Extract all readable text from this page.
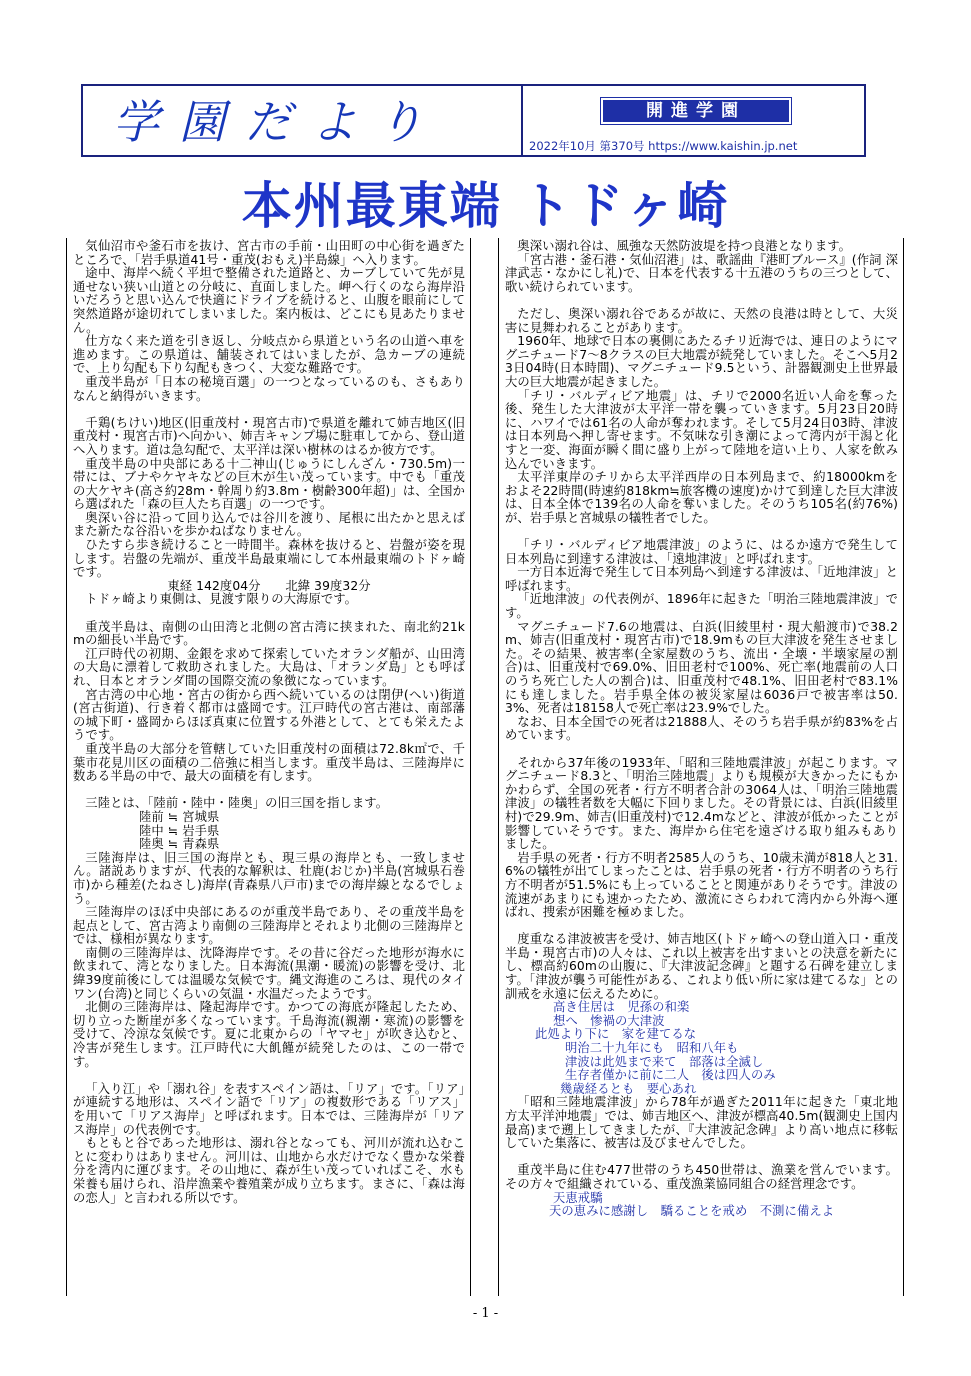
学園だより	開進学園
2022年10月 第370号 https://www.kaishin.jp.net
本州最東端 トドヶ崎

気仙沼市や釜石市を抜け、宮古市の手前・山田町の中心街を過ぎたところで、「岩手県道41号・重茂(おもえ)半島線」へ入ります。

途中、海岸へ続く平坦で整備された道路と、カーブしていて先が見通せない狭い山道との分岐に、直面しました。岬へ行くのなら海岸沿いだろうと思い込んで快適にドライブを続けると、山腹を眼前にして突然道路が途切れてしまいました。案内板は、どこにも見あたりません。

仕方なく来た道を引き返し、分岐点から県道という名の山道へ車を進めます。この県道は、舗装されてはいましたが、急カーブの連続で、上り勾配も下り勾配もきつく、大変な難路です。

重茂半島が「日本の秘境百選」の一つとなっているのも、さもありなんと納得がいきます。

千鶏(ちけい)地区(旧重茂村・現宮古市)で県道を離れて姉吉地区(旧重茂村・現宮古市)へ向かい、姉吉キャンプ場に駐車してから、登山道へ入ります。道は急勾配で、太平洋は深い樹林のはるか彼方です。

重茂半島の中央部にある十二神山(じゅうにしんざん・730.5m)一帯には、ブナやケヤキなどの巨木が生い茂っています。中でも「重茂の大ケヤキ(高さ約28m・幹周り約3.8m・樹齢300年超)」は、全国から選ばれた「森の巨人たち百選」の一つです。

奥深い谷に沿って回り込んでは谷川を渡り、尾根に出たかと思えばまた新たな谷沿いを歩かねばなりません。

ひたすら歩き続けること一時間半。森林を抜けると、岩盤が姿を現します。岩盤の先端が、重茂半島最東端にして本州最東端のトドヶ崎です。

東経 142度04分　　北緯 39度32分

トドヶ崎より東側は、見渡す限りの大海原です。

重茂半島は、南側の山田湾と北側の宮古湾に挟まれた、南北約21kmの細長い半島です。

江戸時代の初期、金銀を求めて探索していたオランダ船が、山田湾の大島に漂着して救助されました。大島は、「オランダ島」とも呼ばれ、日本とオランダ間の国際交流の象徴になっています。

宮古湾の中心地・宮古の街から西へ続いているのは閉伊(へい)街道(宮古街道)、行き着く都市は盛岡です。江戸時代の宮古港は、南部藩の城下町・盛岡からほぼ真東に位置する外港として、とても栄えたようです。

重茂半島の大部分を管轄していた旧重茂村の面積は72.8k㎡で、千葉市花見川区の面積の二倍強に相当します。重茂半島は、三陸海岸に数ある半島の中で、最大の面積を有します。

三陸とは、「陸前・陸中・陸奥」の旧三国を指します。

陸前 ≒ 宮城県

陸中 ≒ 岩手県

陸奥 ≒ 青森県

三陸海岸は、旧三国の海岸とも、現三県の海岸とも、一致しません。諸説ありますが、代表的な解釈は、牡鹿(おじか)半島(宮城県石巻市)から種差(たねさし)海岸(青森県八戸市)までの海岸線となるでしょう。

三陸海岸のほぼ中央部にあるのが重茂半島であり、その重茂半島を起点として、宮古湾より南側の三陸海岸とそれより北側の三陸海岸とでは、様相が異なります。

南側の三陸海岸は、沈降海岸です。その昔に谷だった地形が海水に飲まれて、湾となりました。日本海流(黒潮・暖流)の影響を受け、北緯39度前後にしては温暖な気候です。縄文海進のころは、現代のタイワン(台湾)と同じくらいの気温・水温だったようです。

北側の三陸海岸は、隆起海岸です。かつての海底が隆起したため、切り立った断崖が多くなっています。千島海流(親潮・寒流)の影響を受けて、冷涼な気候です。夏に北東からの「ヤマセ」が吹き込むと、冷害が発生します。江戸時代に大飢饉が続発したのは、この一帯です。

「入り江」や「溺れ谷」を表すスペイン語は、「リア」です。「リア」が連続する地形は、スペイン語で「リア」の複数形である「リアス」を用いて「リアス海岸」と呼ばれます。日本では、三陸海岸が「リアス海岸」の代表例です。

もともと谷であった地形は、溺れ谷となっても、河川が流れ込むことに変わりはありません。河川は、山地から水だけでなく豊かな栄養分を湾内に運びます。その山地に、森が生い茂っていればこそ、水も栄養も届けられ、沿岸漁業や養殖業が成り立ちます。まさに、「森は海の恋人」と言われる所以です。

奥深い溺れ谷は、風強な天然防波堤を持つ良港となります。

「宮古港・釜石港・気仙沼港」は、歌謡曲『港町ブルース』(作詞 深津武志・なかにし礼)で、日本を代表する十五港のうちの三つとして、歌い続けられています。

ただし、奥深い溺れ谷であるが故に、天然の良港は時として、大災害に見舞われることがあります。

1960年、地球で日本の裏側にあたるチリ近海では、連日のようにマグニチュード7～8クラスの巨大地震が続発していました。そこへ5月23日04時(日本時間)、マグニチュード9.5という、計器観測史上世界最大の巨大地震が起きました。

「チリ・バルディビア地震」は、チリで2000名近い人命を奪った後、発生した大津波が太平洋一帯を襲っていきます。5月23日20時に、ハワイでは61名の人命が奪われます。そして5月24日03時、津波は日本列島へ押し寄せます。不気味な引き潮によって湾内が干潟と化すと一変、海面が瞬く間に盛り上がって陸地を這い上り、人家を飲み込んでいきます。

太平洋東岸のチリから太平洋西岸の日本列島まで、約18000kmをおよそ22時間(時速約818km≒旅客機の速度)かけて到達した巨大津波は、日本全体で139名の人命を奪いました。そのうち105名(約76%)が、岩手県と宮城県の犠牲者でした。

「チリ・バルディビア地震津波」のように、はるか遠方で発生して日本列島に到達する津波は、「遠地津波」と呼ばれます。

一方日本近海で発生して日本列島へ到達する津波は、「近地津波」と呼ばれます。

「近地津波」の代表例が、1896年に起きた「明治三陸地震津波」です。

マグニチュード7.6の地震は、白浜(旧綾里村・現大船渡市)で38.2m、姉吉(旧重茂村・現宮古市)で18.9mもの巨大津波を発生させました。その結果、被害率(全家屋数のうち、流出・全壊・半壊家屋の割合)は、旧重茂村で69.0%、旧田老村で100%、死亡率(地震前の人口のうち死亡した人の割合)は、旧重茂村で48.1%、旧田老村で83.1%にも達しました。岩手県全体の被災家屋は6036戸で被害率は50.3%、死者は18158人で死亡率は23.9%でした。

なお、日本全国での死者は21888人、そのうち岩手県が約83%を占めています。

それから37年後の1933年、「昭和三陸地震津波」が起こります。マグニチュード8.3と、「明治三陸地震」よりも規模が大きかったにもかかわらず、全国の死者・行方不明者合計の3064人は、「明治三陸地震津波」の犠牲者数を大幅に下回りました。その背景には、白浜(旧綾里村)で29.9m、姉吉(旧重茂村)で12.4mなどと、津波が低かったことが影響していそうです。また、海岸から住宅を遠ざける取り組みもありました。

岩手県の死者・行方不明者2585人のうち、10歳未満が818人と31.6%の犠牲が出てしまったことは、岩手県の死者・行方不明者のうち行方不明者が51.5%にも上っていることと関連がありそうです。津波の流速があまりにも速かったため、激流にさらわれて湾内から外海へ運ばれ、捜索が困難を極めました。

度重なる津波被害を受け、姉吉地区(トドヶ崎への登山道入口・重茂半島・現宮古市)の人々は、これ以上被害を出すまいとの決意を新たにし、標高約60mの山腹に、『大津波記念碑』と題する石碑を建立します。「津波が襲う可能性がある、これより低い所に家は建てるな」との訓戒を永遠に伝えるために。

高き住居は　児孫の和楽

想へ　惨禍の大津波

此処より下に　家を建てるな

明治二十九年にも　昭和八年も

津波は此処まで来て　部落は全滅し

生存者僅かに前に二人　後は四人のみ

幾歳経るとも　要心あれ

「昭和三陸地震津波」から78年が過ぎた2011年に起きた「東北地方太平洋沖地震」では、姉吉地区へ、津波が標高40.5m(観測史上国内最高)まで遡上してきましたが、『大津波記念碑』より高い地点に移転していた集落に、被害は及びませんでした。

重茂半島に住む477世帯のうち450世帯は、漁業を営んでいます。その方々で組織されている、重茂漁業協同組合の経営理念です。

天恵戒驕

天の恵みに感謝し　驕ることを戒め　不測に備えよ

- 1 -
